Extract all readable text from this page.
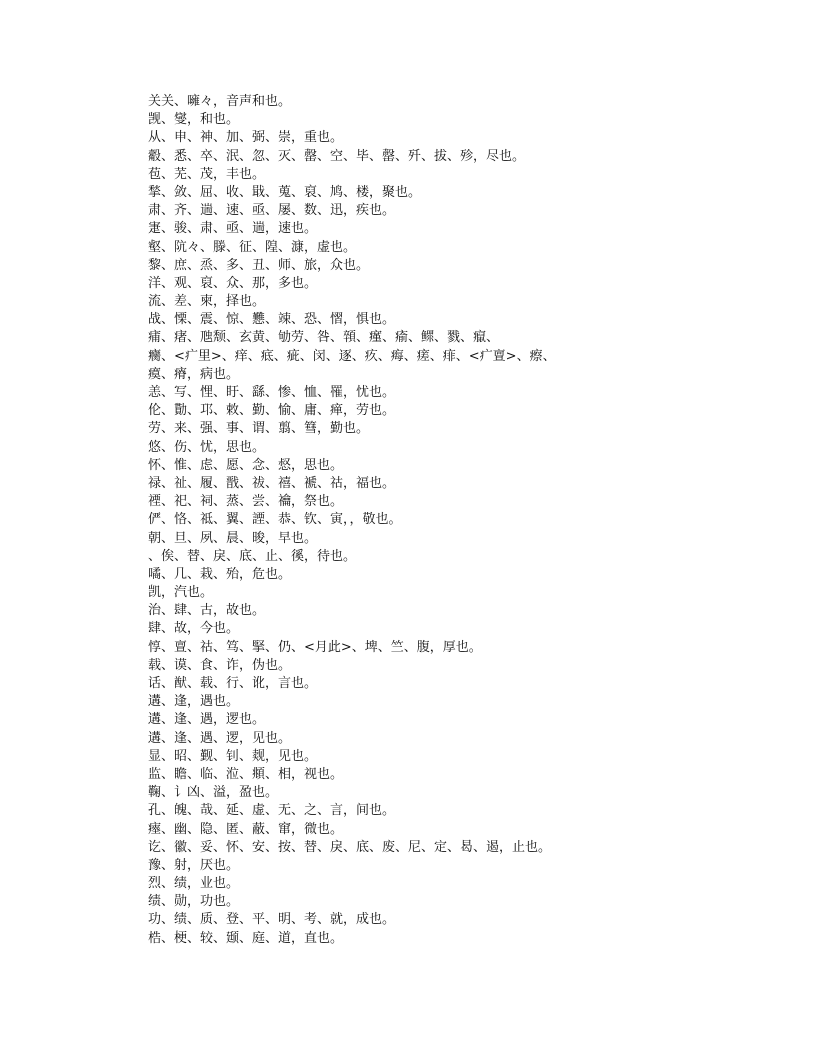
关关、噰々，音声和也。
觊、燮，和也。
从、申、神、加、弼、崇，重也。
觳、悉、卒、泯、忽、灭、罄、空、毕、罄、歼、拔、殄，尽也。
苞、芜、茂，丰也。
揫、敛、屈、收、戢、蒐、裒、鸠、楼，聚也。
肃、齐、遄、速、亟、屡、数、迅，疾也。
寁、骏、肃、亟、遄，速也。
壑、阬々、滕、征、隍、漮，虚也。
黎、庶、烝、多、丑、师、旅，众也。
洋、观、裒、众、那，多也。
流、差、柬，择也。
战、慄、震、惊、戁、竦、恐、慴，惧也。
痡、瘏、虺颓、玄黄、劬劳、咎、顇、瘽、瘉、鳏、戮、癙、
癵、<疒里>、痒、疷、疵、闵、逐、疚、痗、瘥、痱、<疒亶>、瘵、
瘼、瘠，病也。
恙、写、悝、盱、繇、惨、恤、罹，忧也。
伦、勩、邛、敕、勤、愉、庸、瘅，劳也。
劳、来、强、事、谓、翦、篲，勤也。
悠、伤、忧，思也。
怀、惟、虑、愿、念、惄，思也。
禄、祉、履、戬、祓、禧、褫、祜，福也。
禋、祀、祠、蒸、尝、禴，祭也。
俨、恪、祗、翼、諲、恭、钦、寅，，敬也。
朝、旦、夙、晨、晙，早也。
、俟、替、戾、底、止、徯，待也。
噊、几、栽、殆，危也。
凯，汽也。
治、肆、古，故也。
肆、故，今也。
惇、亶、祜、笃、掔、仍、<月此>、埤、竺、腹，厚也。
载、谟、食、诈，伪也。
话、猷、载、行、讹，言也。
遘、逢，遇也。
遘、逢、遇，逻也。
遘、逢、遇、逻，见也。
显、昭、觐、钊、觌，见也。
监、瞻、临、涖、頫、相，视也。
鞠、讠凶、溢，盈也。
孔、魄、哉、延、虚、无、之、言，间也。
瘞、幽、隐、匿、蔽、窜，微也。
讫、徽、妥、怀、安、按、替、戾、底、废、尼、定、曷、遏，止也。
豫、射，厌也。
烈、绩，业也。
绩、勋，功也。
功、绩、质、登、平、明、考、就，成也。
梏、梗、较、颋、庭、道，直也。
